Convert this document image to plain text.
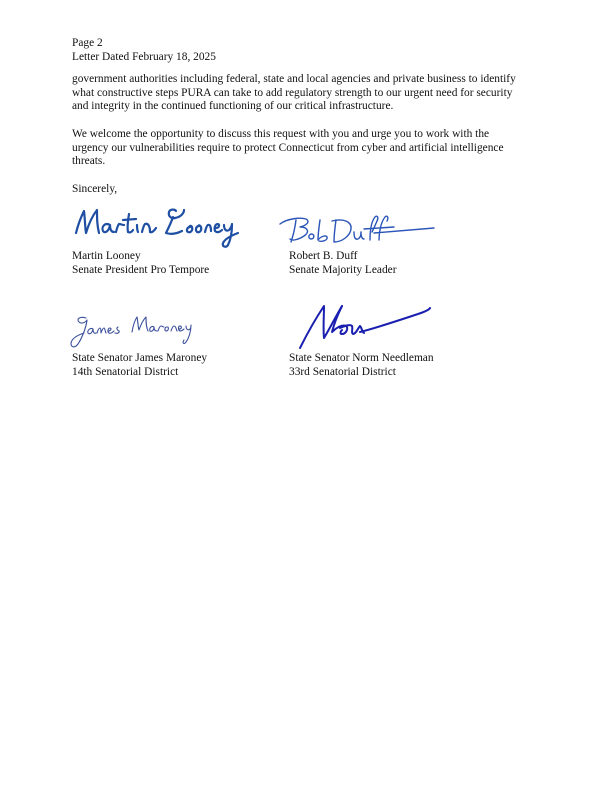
Page 2
Letter Dated February 18, 2025

government authorities including federal, state and local agencies and private business to identify
what constructive steps PURA can take to add regulatory strength to our urgent need for security
and integrity in the continued functioning of our critical infrastructure.

We welcome the opportunity to discuss this request with you and urge you to work with the
urgency our vulnerabilities require to protect Connecticut from cyber and artificial intelligence
threats.

Sincerely,
Martin Looney
Senate President Pro Tempore
Robert B. Duff
Senate Majority Leader
State Senator James Maroney
14th Senatorial District
State Senator Norm Needleman
33rd Senatorial District
